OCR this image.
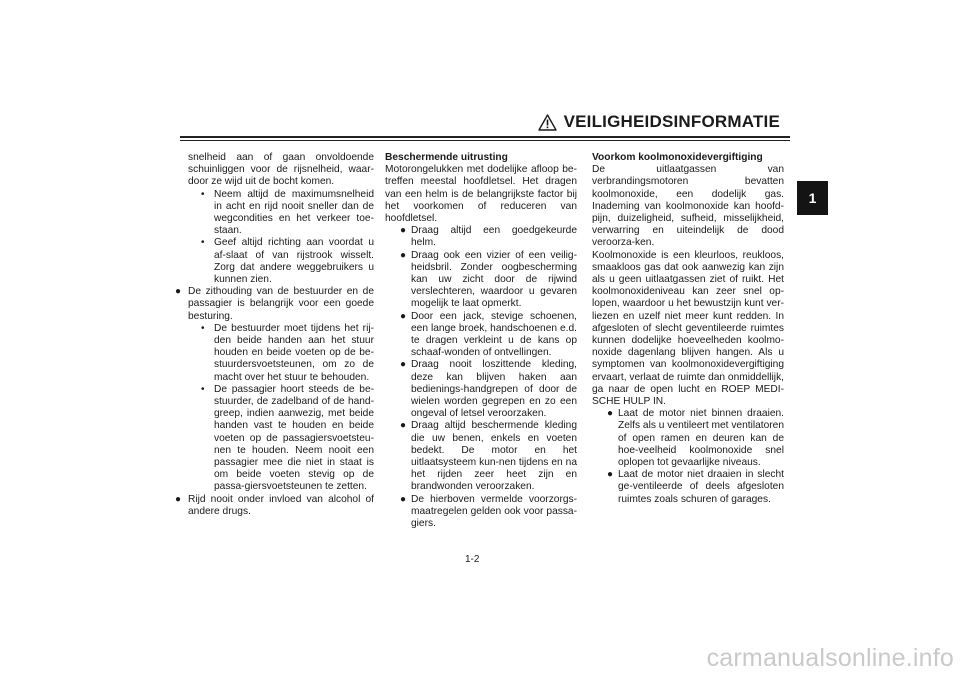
VEILIGHEIDSINFORMATIE
1

snelheid aan of gaan onvoldoende schuinliggen voor de rijsnelheid, waar-door ze wijd uit de bocht komen.

• Neem altijd de maximumsnelheid in acht en rijd nooit sneller dan de wegcondities en het verkeer toe-staan.

• Geef altijd richting aan voordat u af-slaat of van rijstrook wisselt. Zorg dat andere weggebruikers u kunnen zien.

● De zithouding van de bestuurder en de passagier is belangrijk voor een goede besturing.

• De bestuurder moet tijdens het rij-den beide handen aan het stuur houden en beide voeten op de be-stuurdersvoetsteunen, om zo de macht over het stuur te behouden.

• De passagier hoort steeds de be-stuurder, de zadelband of de hand-greep, indien aanwezig, met beide handen vast te houden en beide voeten op de passagiersvoetsteu-nen te houden. Neem nooit een passagier mee die niet in staat is om beide voeten stevig op de passa-giersvoetsteunen te zetten.

● Rijd nooit onder invloed van alcohol of andere drugs.

Beschermende uitrusting

Motorongelukken met dodelijke afloop be-treffen meestal hoofdletsel. Het dragen van een helm is de belangrijkste factor bij het voorkomen of reduceren van hoofdletsel.

● Draag altijd een goedgekeurde helm.

● Draag ook een vizier of een veilig-heidsbril. Zonder oogbescherming kan uw zicht door de rijwind verslechteren, waardoor u gevaren mogelijk te laat opmerkt.

● Door een jack, stevige schoenen, een lange broek, handschoenen e.d. te dragen verkleint u de kans op schaaf-wonden of ontvellingen.

● Draag nooit loszittende kleding, deze kan blijven haken aan bedienings-handgrepen of door de wielen worden gegrepen en zo een ongeval of letsel veroorzaken.

● Draag altijd beschermende kleding die uw benen, enkels en voeten bedekt. De motor en het uitlaatsysteem kun-nen tijdens en na het rijden zeer heet zijn en brandwonden veroorzaken.

● De hierboven vermelde voorzorgs-maatregelen gelden ook voor passa-giers.

Voorkom koolmonoxidevergiftiging

De uitlaatgassen van verbrandingsmotoren bevatten koolmonoxide, een dodelijk gas. Inademing van koolmonoxide kan hoofd-pijn, duizeligheid, sufheid, misselijkheid, verwarring en uiteindelijk de dood veroorza-ken.

Koolmonoxide is een kleurloos, reukloos, smaakloos gas dat ook aanwezig kan zijn als u geen uitlaatgassen ziet of ruikt. Het koolmonoxideniveau kan zeer snel op-lopen, waardoor u het bewustzijn kunt ver-liezen en uzelf niet meer kunt redden. In afgesloten of slecht geventileerde ruimtes kunnen dodelijke hoeveelheden koolmo-noxide dagenlang blijven hangen. Als u symptomen van koolmonoxidevergiftiging ervaart, verlaat de ruimte dan onmiddellijk, ga naar de open lucht en ROEP MEDI-SCHE HULP IN.

● Laat de motor niet binnen draaien. Zelfs als u ventileert met ventilatoren of open ramen en deuren kan de hoe-veelheid koolmonoxide snel oplopen tot gevaarlijke niveaus.

● Laat de motor niet draaien in slecht ge-ventileerde of deels afgesloten ruimtes zoals schuren of garages.

1-2
carmanualsonline.info
